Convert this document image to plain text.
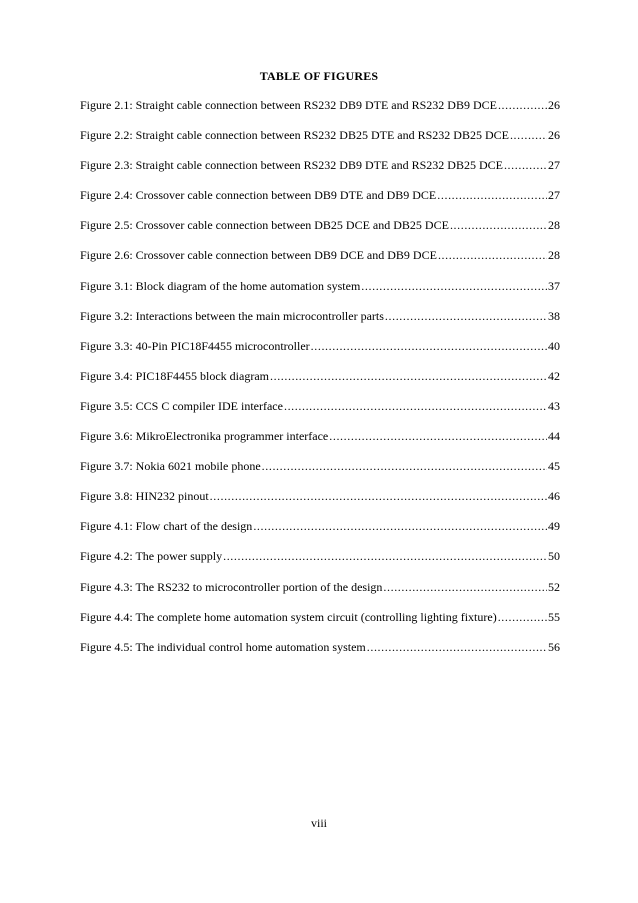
TABLE OF FIGURES
Figure 2.1: Straight cable connection between RS232 DB9 DTE and RS232 DB9 DCE .....	26
Figure 2.2: Straight cable connection between RS232 DB25 DTE and RS232 DB25 DCE .....	26
Figure 2.3: Straight cable connection between RS232 DB9 DTE and RS232 DB25 DCE .....	27
Figure 2.4: Crossover cable connection between DB9 DTE and DB9 DCE .....	27
Figure 2.5: Crossover cable connection between DB25 DCE and DB25 DCE .....	28
Figure 2.6: Crossover cable connection between DB9 DCE and DB9 DCE .....	28
Figure 3.1: Block diagram of the home automation system .....	37
Figure 3.2: Interactions between the main microcontroller parts .....	38
Figure 3.3: 40-Pin PIC18F4455 microcontroller .....	40
Figure 3.4: PIC18F4455 block diagram .....	42
Figure 3.5: CCS C compiler IDE interface .....	43
Figure 3.6: MikroElectronika programmer interface .....	44
Figure 3.7: Nokia 6021 mobile phone .....	45
Figure 3.8: HIN232 pinout .....	46
Figure 4.1: Flow chart of the design .....	49
Figure 4.2: The power supply .....	50
Figure 4.3: The RS232 to microcontroller portion of the design .....	52
Figure 4.4: The complete home automation system circuit (controlling lighting fixture) .....	55
Figure 4.5: The individual control home automation system .....	56
viii
